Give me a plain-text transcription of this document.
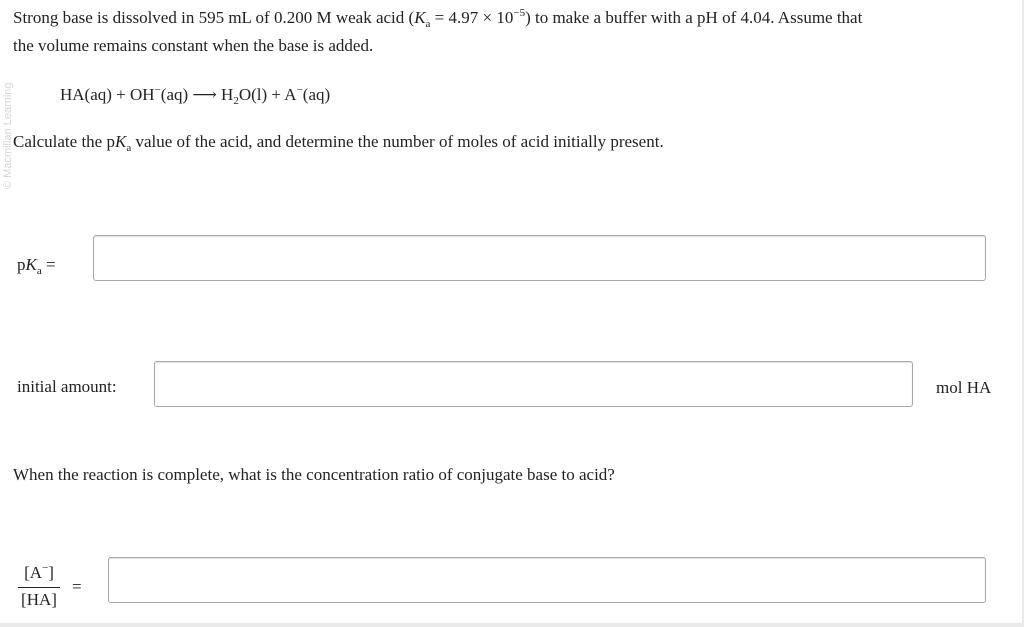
© Macmillan Learning
Strong base is dissolved in 595 mL of 0.200 M weak acid $(K_a = 4.97 \times 10^{-5})$ to make a buffer with a pH of 4.04. Assume that
the volume remains constant when the base is added.
HA(aq) + OH−(aq) ⟶ $H_2O(l) + A^-(aq)$
Calculate the $pK_a$ value of the acid, and determine the number of moles of acid initially present.
$pK_a$ =
initial amount:	mol HA
When the reaction is complete, what is the concentration ratio of conjugate base to acid?
[A−]
[HA]
=
